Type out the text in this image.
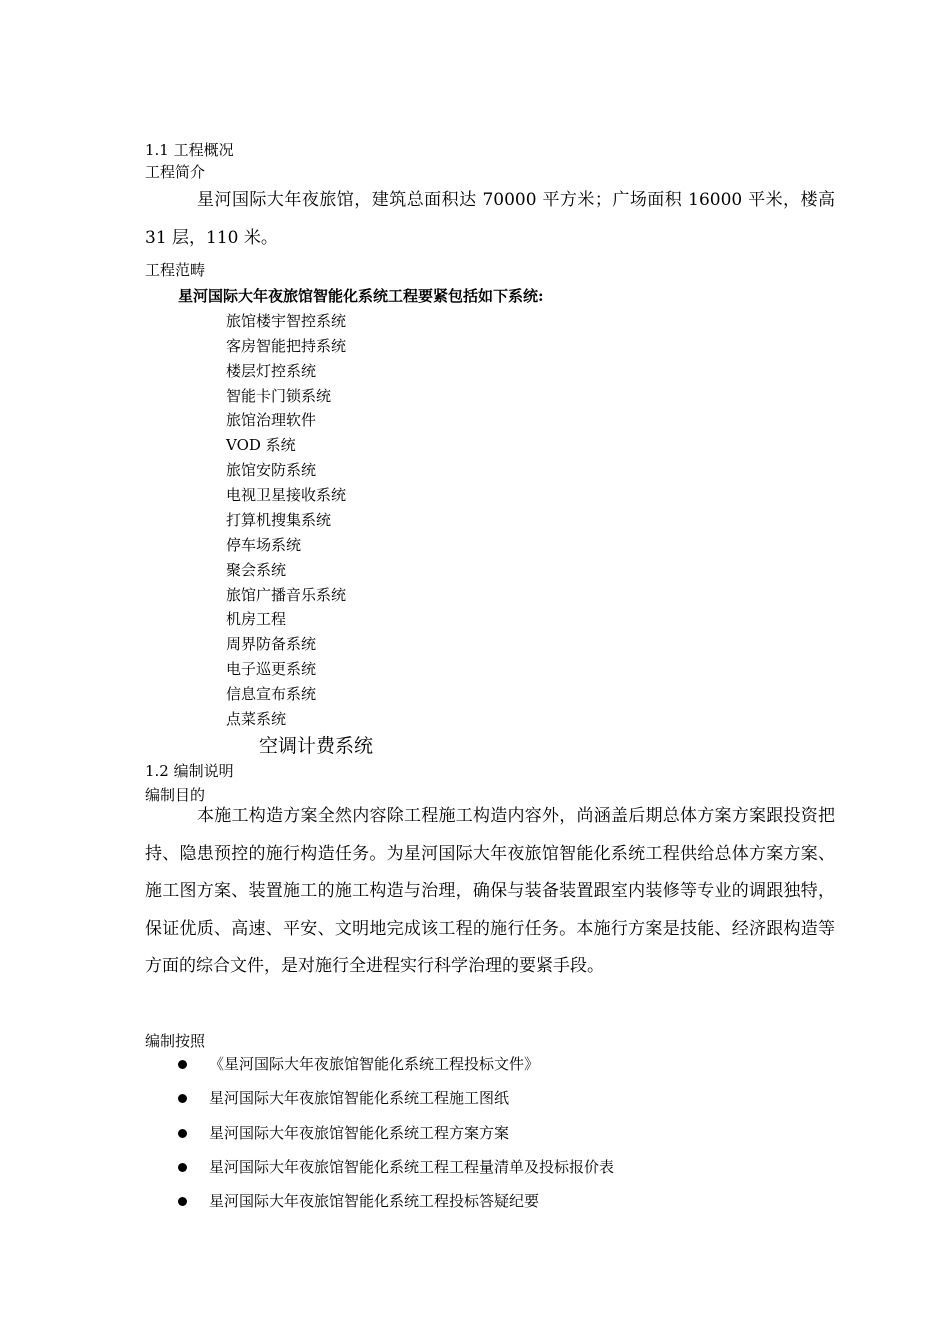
1.1 工程概况
工程简介

星河国际大年夜旅馆，建筑总面积达 70000 平方米；广场面积 16000 平米，楼高 31 层，110 米。

工程范畴
星河国际大年夜旅馆智能化系统工程要紧包括如下系统:
旅馆楼宇智控系统
客房智能把持系统
楼层灯控系统
智能卡门锁系统
旅馆治理软件
VOD 系统
旅馆安防系统
电视卫星接收系统
打算机搜集系统
停车场系统
聚会系统
旅馆广播音乐系统
机房工程
周界防备系统
电子巡更系统
信息宣布系统
点菜系统
空调计费系统
1.2 编制说明
编制目的

本施工构造方案全然内容除工程施工构造内容外，尚涵盖后期总体方案方案跟投资把持、隐患预控的施行构造任务。为星河国际大年夜旅馆智能化系统工程供给总体方案方案、施工图方案、装置施工的施工构造与治理，确保与装备装置跟室内装修等专业的调跟独特，保证优质、高速、平安、文明地完成该工程的施行任务。本施行方案是技能、经济跟构造等方面的综合文件，是对施行全进程实行科学治理的要紧手段。

编制按照
《星河国际大年夜旅馆智能化系统工程投标文件》
星河国际大年夜旅馆智能化系统工程施工图纸
星河国际大年夜旅馆智能化系统工程方案方案
星河国际大年夜旅馆智能化系统工程工程量清单及投标报价表
星河国际大年夜旅馆智能化系统工程投标答疑纪要
